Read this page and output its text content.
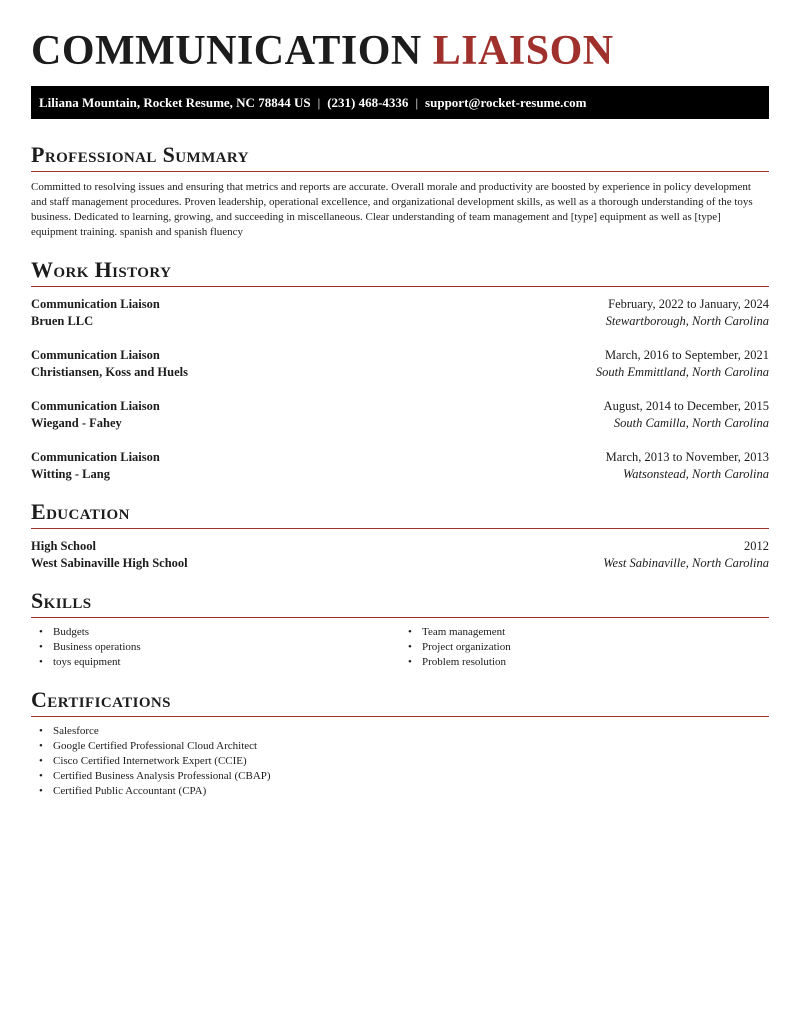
COMMUNICATION LIAISON
Liliana Mountain, Rocket Resume, NC 78844 US | (231) 468-4336 | support@rocket-resume.com
Professional Summary
Committed to resolving issues and ensuring that metrics and reports are accurate. Overall morale and productivity are boosted by experience in policy development and staff management procedures. Proven leadership, operational excellence, and organizational development skills, as well as a thorough understanding of the toys business. Dedicated to learning, growing, and succeeding in miscellaneous. Clear understanding of team management and [type] equipment as well as [type] equipment training. spanish and spanish fluency
Work History
Communication Liaison	February, 2022 to January, 2024
Bruen LLC	Stewartborough, North Carolina
Communication Liaison	March, 2016 to September, 2021
Christiansen, Koss and Huels	South Emmittland, North Carolina
Communication Liaison	August, 2014 to December, 2015
Wiegand - Fahey	South Camilla, North Carolina
Communication Liaison	March, 2013 to November, 2013
Witting - Lang	Watsonstead, North Carolina
Education
High School	2012
West Sabinaville High School	West Sabinaville, North Carolina
Skills
• Budgets
• Business operations
• toys equipment
• Team management
• Project organization
• Problem resolution
Certifications
• Salesforce
• Google Certified Professional Cloud Architect
• Cisco Certified Internetwork Expert (CCIE)
• Certified Business Analysis Professional (CBAP)
• Certified Public Accountant (CPA)
